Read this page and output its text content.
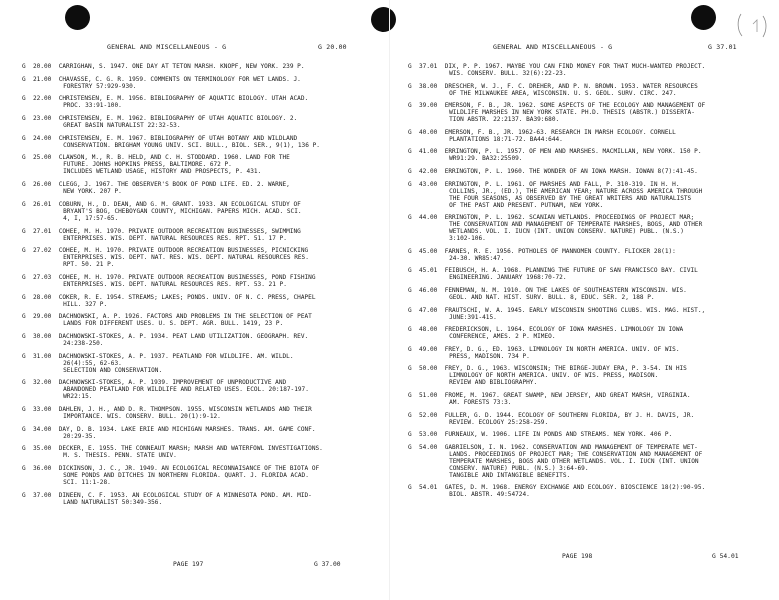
GENERAL AND MISCELLANEOUS - G	G 20.00
G  20.00
CARRIGHAN, S. 1947. ONE DAY AT TETON MARSH. KNOPF, NEW YORK. 239 P.
G  21.00
CHAVASSE, C. G. R. 1959. COMMENTS ON TERMINOLOGY FOR WET LANDS. J.
FORESTRY 57:929-930.
G  22.00
CHRISTENSEN, E. M. 1956. BIBLIOGRAPHY OF AQUATIC BIOLOGY. UTAH ACAD.
PROC. 33:91-100.
G  23.00
CHRISTENSEN, E. M. 1962. BIBLIOGRAPHY OF UTAH AQUATIC BIOLOGY. 2.
GREAT BASIN NATURALIST 22:32-53.
G  24.00
CHRISTENSEN, E. M. 1967. BIBLIOGRAPHY OF UTAH BOTANY AND WILDLAND
CONSERVATION. BRIGHAM YOUNG UNIV. SCI. BULL., BIOL. SER., 9(1), 136 P.
G  25.00
CLAWSON, M., R. B. HELD, AND C. H. STODDARD. 1960. LAND FOR THE
FUTURE. JOHNS HOPKINS PRESS, BALTIMORE. 672 P.
INCLUDES WETLAND USAGE, HISTORY AND PROSPECTS, P. 431.
G  26.00
CLEGG, J. 1967. THE OBSERVER'S BOOK OF POND LIFE. ED. 2. WARNE,
NEW YORK. 207 P.
G  26.01
COBURN, H., D. DEAN, AND G. M. GRANT. 1933. AN ECOLOGICAL STUDY OF
BRYANT'S BOG, CHEBOYGAN COUNTY, MICHIGAN. PAPERS MICH. ACAD. SCI.
4, I, 17:57-65.
G  27.01
COHEE, M. H. 1970. PRIVATE OUTDOOR RECREATION BUSINESSES, SWIMMING
ENTERPRISES. WIS. DEPT. NATURAL RESOURCES RES. RPT. 51. 17 P.
G  27.02
COHEE, M. H. 1970. PRIVATE OUTDOOR RECREATION BUSINESSES, PICNICKING
ENTERPRISES. WIS. DEPT. NAT. RES. WIS. DEPT. NATURAL RESOURCES RES.
RPT. 50. 21 P.
G  27.03
COHEE, M. H. 1970. PRIVATE OUTDOOR RECREATION BUSINESSES, POND FISHING
ENTERPRISES. WIS. DEPT. NATURAL RESOURCES RES. RPT. 53. 21 P.
G  28.00
COKER, R. E. 1954. STREAMS; LAKES; PONDS. UNIV. OF N. C. PRESS, CHAPEL
HILL. 327 P.
G  29.00
DACHNOWSKI, A. P. 1926. FACTORS AND PROBLEMS IN THE SELECTION OF PEAT
LANDS FOR DIFFERENT USES. U. S. DEPT. AGR. BULL. 1419, 23 P.
G  30.00
DACHNOWSKI-STOKES, A. P. 1934. PEAT LAND UTILIZATION. GEOGRAPH. REV.
24:238-250.
G  31.00
DACHNOWSKI-STOKES, A. P. 1937. PEATLAND FOR WILDLIFE. AM. WILDL.
26(4):55, 62-63.
SELECTION AND CONSERVATION.
G  32.00
DACHNOWSKI-STOKES, A. P. 1939. IMPROVEMENT OF UNPRODUCTIVE AND
ABANDONED PEATLAND FOR WILDLIFE AND RELATED USES. ECOL. 20:187-197.
WR22:15.
G  33.00
DAHLEN, J. H., AND D. R. THOMPSON. 1955. WISCONSIN WETLANDS AND THEIR
IMPORTANCE. WIS. CONSERV. BULL. 20(1):9-12.
G  34.00
DAY, D. B. 1934. LAKE ERIE AND MICHIGAN MARSHES. TRANS. AM. GAME CONF.
20:29-35.
G  35.00
DECKER, E. 1955. THE CONNEAUT MARSH; MARSH AND WATERFOWL INVESTIGATIONS.
M. S. THESIS. PENN. STATE UNIV.
G  36.00
DICKINSON, J. C., JR. 1949. AN ECOLOGICAL RECONNAISANCE OF THE BIOTA OF
SOME PONDS AND DITCHES IN NORTHERN FLORIDA. QUART. J. FLORIDA ACAD.
SCI. 11:1-28.
G  37.00
DINEEN, C. F. 1953. AN ECOLOGICAL STUDY OF A MINNESOTA POND. AM. MID-
LAND NATURALIST 50:349-356.
PAGE 197	G 37.00
GENERAL AND MISCELLANEOUS - G	G 37.01
G  37.01
DIX, P. P. 1967. MAYBE YOU CAN FIND MONEY FOR THAT MUCH-WANTED PROJECT.
WIS. CONSERV. BULL. 32(6):22-23.
G  38.00
DRESCHER, W. J., F. C. DREHER, AND P. N. BROWN. 1953. WATER RESOURCES
OF THE MILWAUKEE AREA, WISCONSIN. U. S. GEOL. SURV. CIRC. 247.
G  39.00
EMERSON, F. B., JR. 1962. SOME ASPECTS OF THE ECOLOGY AND MANAGEMENT OF
WILDLIFE MARSHES IN NEW YORK STATE. PH.D. THESIS (ABSTR.) DISSERTA-
TION ABSTR. 22:2137. BA39:680.
G  40.00
EMERSON, F. B., JR. 1962-63. RESEARCH IN MARSH ECOLOGY. CORNELL
PLANTATIONS 18:71-72. BA44:644.
G  41.00
ERRINGTON, P. L. 1957. OF MEN AND MARSHES. MACMILLAN, NEW YORK. 150 P.
WR91:29. BA32:25509.
G  42.00
ERRINGTON, P. L. 1960. THE WONDER OF AN IOWA MARSH. IOWAN 8(7):41-45.
G  43.00
ERRINGTON, P. L. 1961. OF MARSHES AND FALL, P. 310-319. IN H. H.
COLLINS, JR., (ED.), THE AMERICAN YEAR; NATURE ACROSS AMERICA THROUGH
THE FOUR SEASONS, AS OBSERVED BY THE GREAT WRITERS AND NATURALISTS
OF THE PAST AND PRESENT. PUTNAM, NEW YORK.
G  44.00
ERRINGTON, P. L. 1962. SCANIAN WETLANDS. PROCEEDINGS OF PROJECT MAR;
THE CONSERVATION AND MANAGEMENT OF TEMPERATE MARSHES, BOGS, AND OTHER
WETLANDS. VOL. I. IUCN (INT. UNION CONSERV. NATURE) PUBL. (N.S.)
3:102-106.
G  45.00
FARNES, R. E. 1956. POTHOLES OF MANNOMEN COUNTY. FLICKER 28(1):
24-30. WR85:47.
G  45.01
FEIBUSCH, H. A. 1968. PLANNING THE FUTURE OF SAN FRANCISCO BAY. CIVIL
ENGINEERING. JANUARY 1968:70-72.
G  46.00
FENNEMAN, N. M. 1910. ON THE LAKES OF SOUTHEASTERN WISCONSIN. WIS.
GEOL. AND NAT. HIST. SURV. BULL. 8, EDUC. SER. 2, 188 P.
G  47.00
FRAUTSCHI, W. A. 1945. EARLY WISCONSIN SHOOTING CLUBS. WIS. MAG. HIST.,
JUNE:391-415.
G  48.00
FREDERICKSON, L. 1964. ECOLOGY OF IOWA MARSHES. LIMNOLOGY IN IOWA
CONFERENCE, AMES. 2 P. MIMEO.
G  49.00
FREY, D. G., ED. 1963. LIMNOLOGY IN NORTH AMERICA. UNIV. OF WIS.
PRESS, MADISON. 734 P.
G  50.00
FREY, D. G., 1963. WISCONSIN; THE BIRGE-JUDAY ERA, P. 3-54. IN HIS
LIMNOLOGY OF NORTH AMERICA. UNIV. OF WIS. PRESS, MADISON.
REVIEW AND BIBLIOGRAPHY.
G  51.00
FROME, M. 1967. GREAT SWAMP, NEW JERSEY, AND GREAT MARSH, VIRGINIA.
AM. FORESTS 73:3.
G  52.00
FULLER, G. D. 1944. ECOLOGY OF SOUTHERN FLORIDA, BY J. H. DAVIS, JR.
REVIEW. ECOLOGY 25:258-259.
G  53.00
FURNEAUX, W. 1906. LIFE IN PONDS AND STREAMS. NEW YORK. 406 P.
G  54.00
GABRIELSON, I. N. 1962. CONSERVATION AND MANAGEMENT OF TEMPERATE WET-
LANDS. PROCEEDINGS OF PROJECT MAR; THE CONSERVATION AND MANAGEMENT OF
TEMPERATE MARSHES, BOGS AND OTHER WETLANDS. VOL. I. IUCN (INT. UNION
CONSERV. NATURE) PUBL. (N.S.) 3:64-69.
TANGIBLE AND INTANGIBLE BENEFITS.
G  54.01
GATES, D. M. 1968. ENERGY EXCHANGE AND ECOLOGY. BIOSCIENCE 18(2):90-95.
BIOL. ABSTR. 49:54724.
PAGE 198	G 54.01
